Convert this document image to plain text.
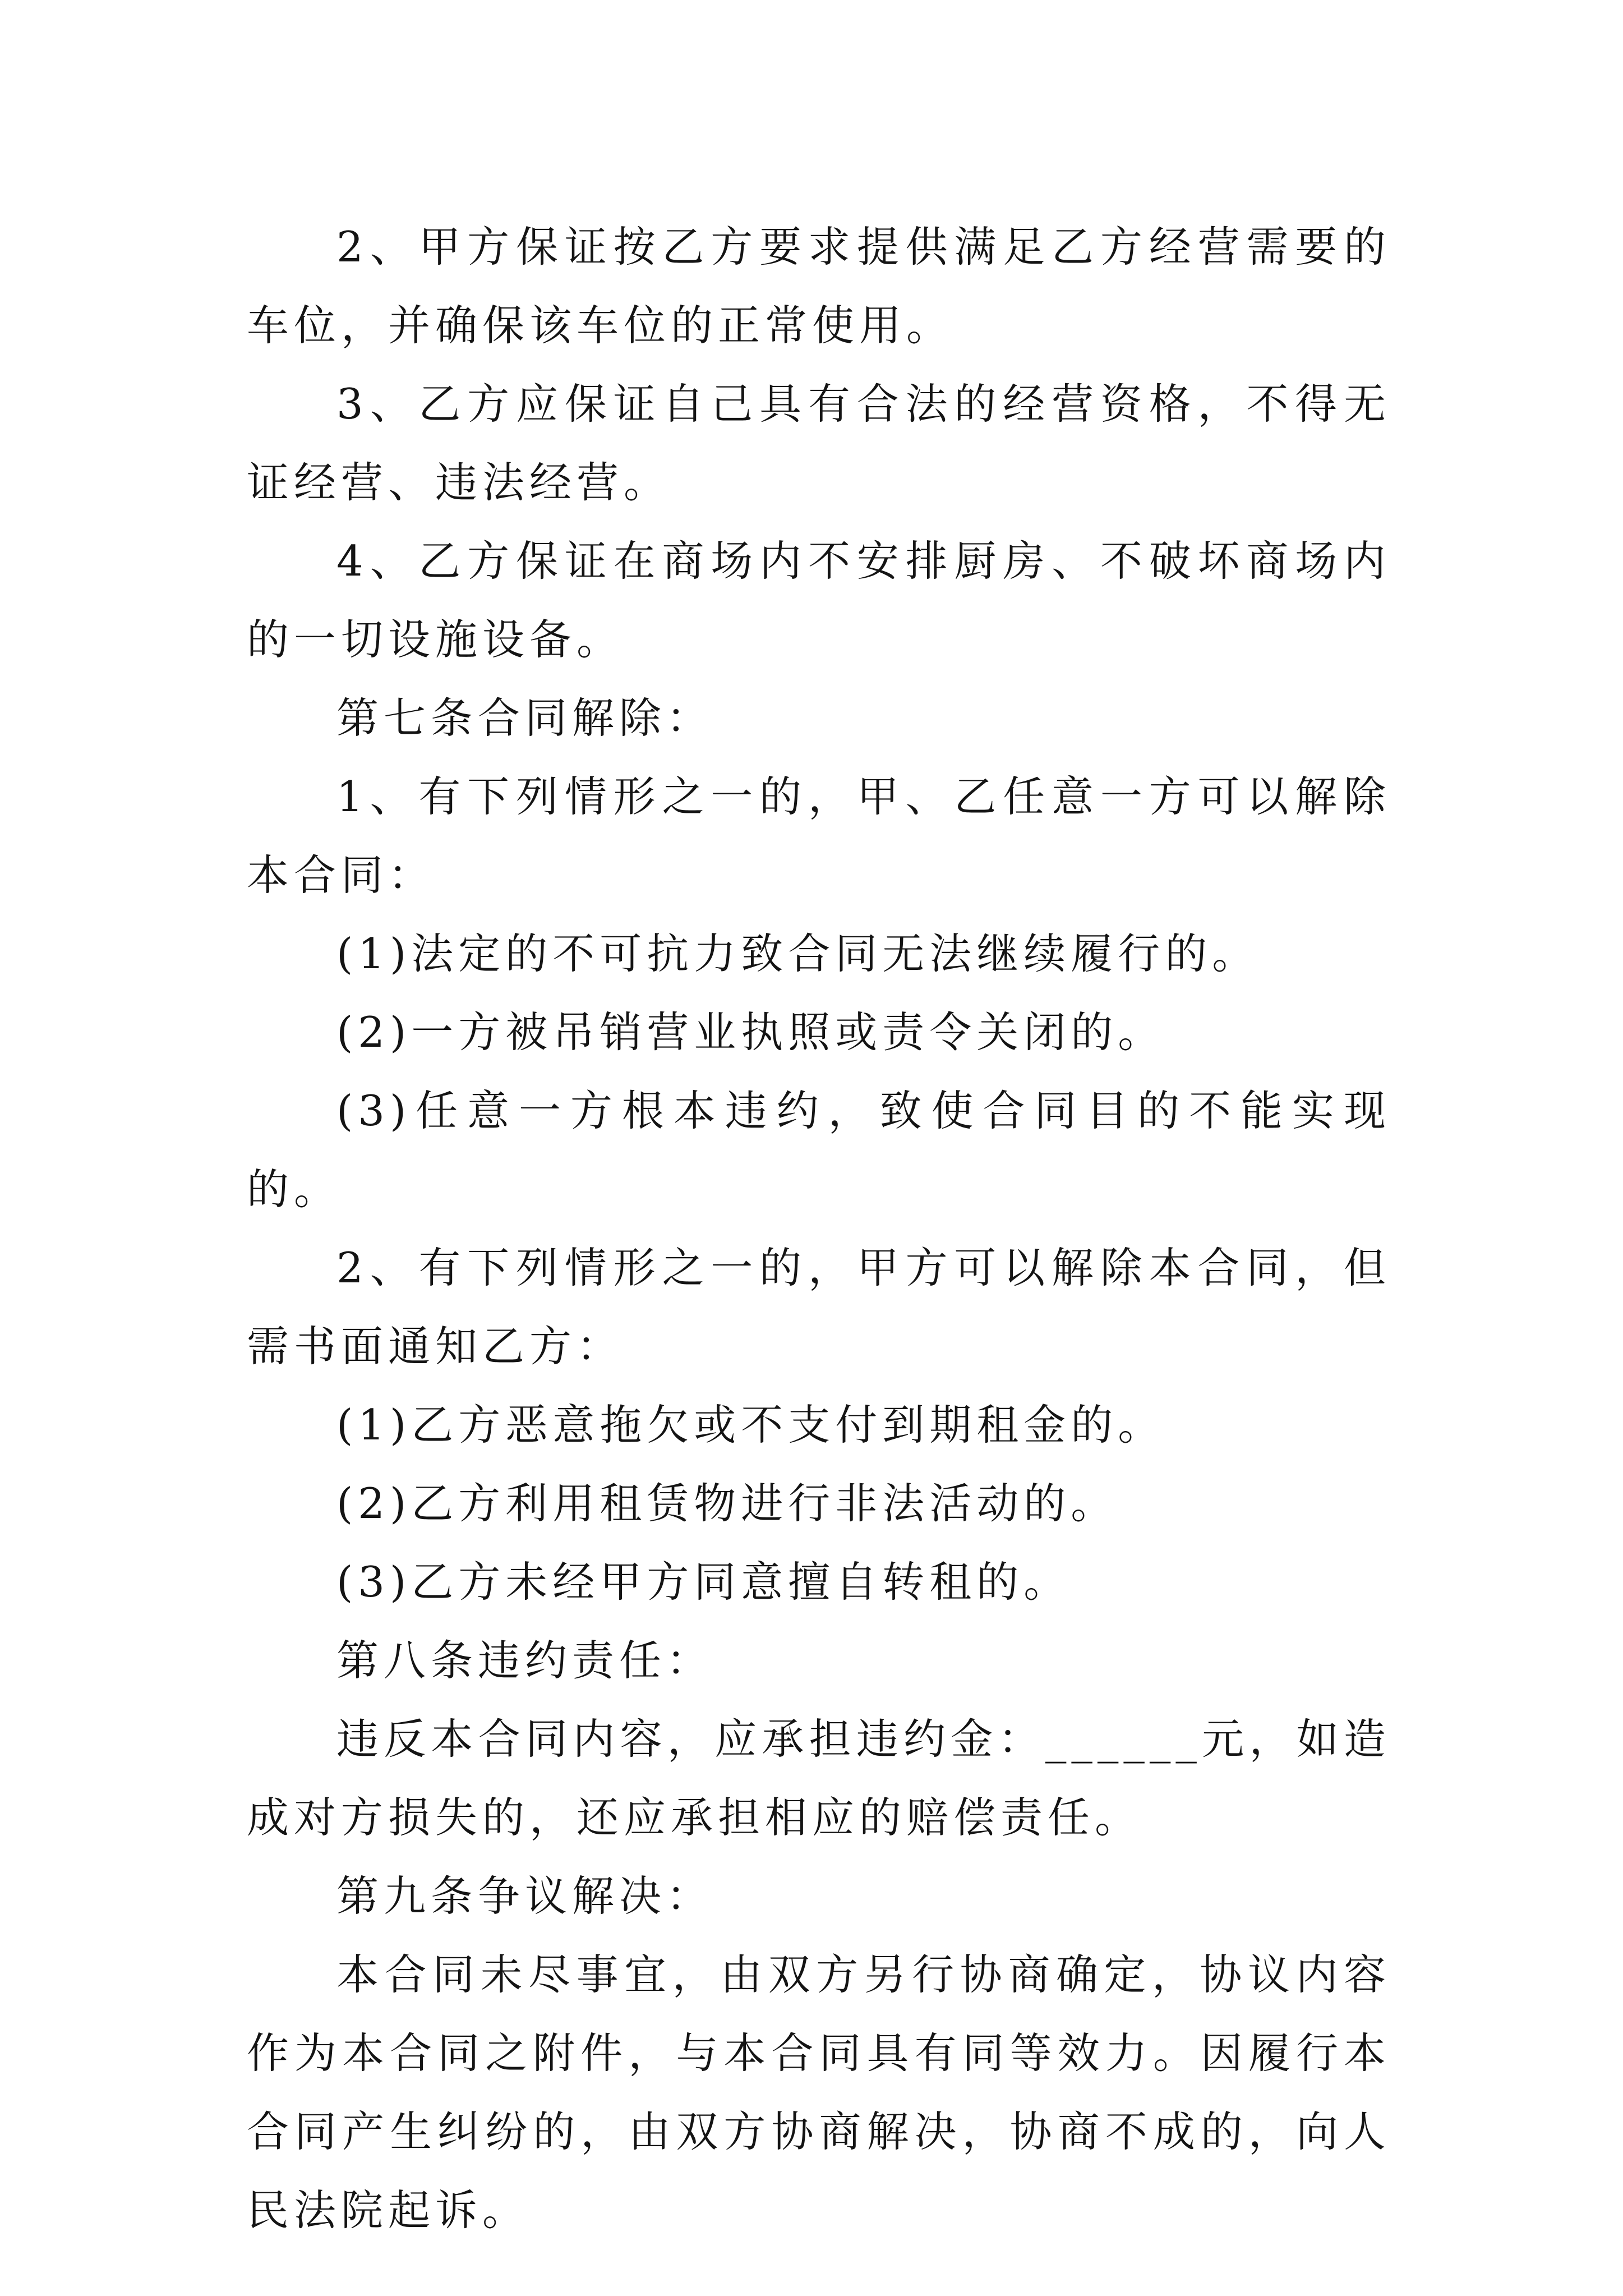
2、甲方保证按乙方要求提供满足乙方经营需要的车位，并确保该车位的正常使用。

3、乙方应保证自己具有合法的经营资格，不得无证经营、违法经营。

4、乙方保证在商场内不安排厨房、不破坏商场内的一切设施设备。

第七条合同解除：

1、有下列情形之一的，甲、乙任意一方可以解除本合同：

(1)法定的不可抗力致合同无法继续履行的。

(2)一方被吊销营业执照或责令关闭的。

(3)任意一方根本违约，致使合同目的不能实现的。

2、有下列情形之一的，甲方可以解除本合同，但需书面通知乙方：

(1)乙方恶意拖欠或不支付到期租金的。

(2)乙方利用租赁物进行非法活动的。

(3)乙方未经甲方同意擅自转租的。

第八条违约责任：

违反本合同内容，应承担违约金：______元，如造成对方损失的，还应承担相应的赔偿责任。

第九条争议解决：

本合同未尽事宜，由双方另行协商确定，协议内容作为本合同之附件，与本合同具有同等效力。因履行本合同产生纠纷的，由双方协商解决，协商不成的，向人民法院起诉。
